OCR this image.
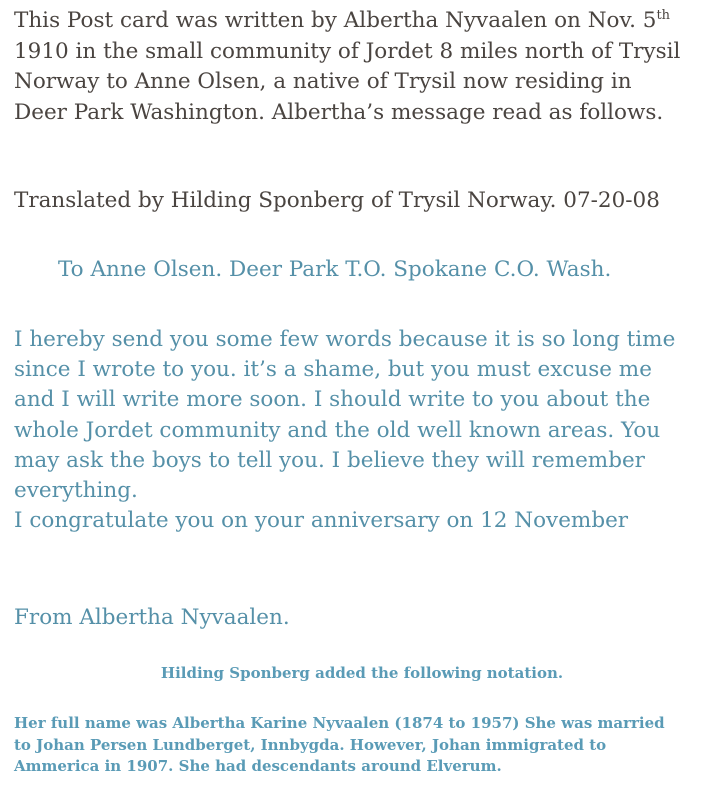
This Post card was written by Albertha Nyvaalen on Nov. 5th
1910 in the small community of Jordet 8 miles north of Trysil
Norway to Anne Olsen, a native of Trysil now residing in
Deer Park Washington. Albertha’s message read as follows.
Translated by Hilding Sponberg of Trysil Norway. 07-20-08
To Anne Olsen. Deer Park T.O. Spokane C.O. Wash.
I hereby send you some few words because it is so long time
since I wrote to you. it’s a shame, but you must excuse me
and I will write more soon. I should write to you about the
whole Jordet community and the old well known areas. You
may ask the boys to tell you. I believe they will remember
everything.
I congratulate you on your anniversary on 12 November
From Albertha Nyvaalen.
Hilding Sponberg added the following notation.
Her full name was Albertha Karine Nyvaalen (1874 to 1957) She was married
to Johan Persen Lundberget, Innbygda. However, Johan immigrated to
Ammerica in 1907. She had descendants around Elverum.
